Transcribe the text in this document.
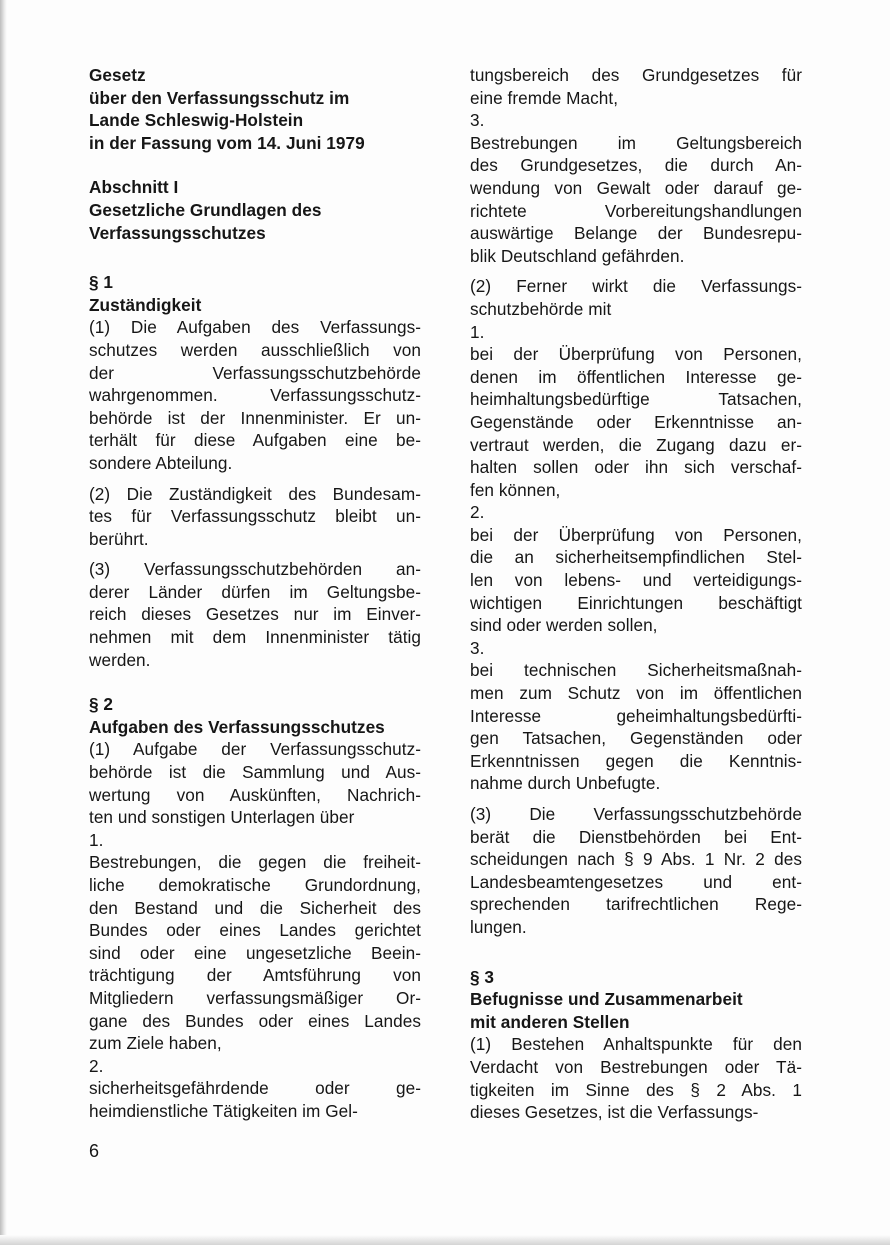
Gesetz
über den Verfassungsschutz im
Lande Schleswig-Holstein
in der Fassung vom 14. Juni 1979
Abschnitt I
Gesetzliche Grundlagen des
Verfassungsschutzes
§ 1
Zuständigkeit
(1) Die Aufgaben des Verfassungs-
schutzes werden ausschließlich von
der Verfassungsschutzbehörde
wahrgenommen. Verfassungsschutz-
behörde ist der Innenminister. Er un-
terhält für diese Aufgaben eine be-
sondere Abteilung.
(2) Die Zuständigkeit des Bundesam-
tes für Verfassungsschutz bleibt un-
berührt.
(3) Verfassungsschutzbehörden an-
derer Länder dürfen im Geltungsbe-
reich dieses Gesetzes nur im Einver-
nehmen mit dem Innenminister tätig
werden.
§ 2
Aufgaben des Verfassungsschutzes
(1) Aufgabe der Verfassungsschutz-
behörde ist die Sammlung und Aus-
wertung von Auskünften, Nachrich-
ten und sonstigen Unterlagen über
1.
Bestrebungen, die gegen die freiheit-
liche demokratische Grundordnung,
den Bestand und die Sicherheit des
Bundes oder eines Landes gerichtet
sind oder eine ungesetzliche Beein-
trächtigung der Amtsführung von
Mitgliedern verfassungsmäßiger Or-
gane des Bundes oder eines Landes
zum Ziele haben,
2.
sicherheitsgefährdende oder ge-
heimdienstliche Tätigkeiten im Gel-
tungsbereich des Grundgesetzes für
eine fremde Macht,
3.
Bestrebungen im Geltungsbereich
des Grundgesetzes, die durch An-
wendung von Gewalt oder darauf ge-
richtete Vorbereitungshandlungen
auswärtige Belange der Bundesrepu-
blik Deutschland gefährden.
(2) Ferner wirkt die Verfassungs-
schutzbehörde mit
1.
bei der Überprüfung von Personen,
denen im öffentlichen Interesse ge-
heimhaltungsbedürftige Tatsachen,
Gegenstände oder Erkenntnisse an-
vertraut werden, die Zugang dazu er-
halten sollen oder ihn sich verschaf-
fen können,
2.
bei der Überprüfung von Personen,
die an sicherheitsempfindlichen Stel-
len von lebens- und verteidigungs-
wichtigen Einrichtungen beschäftigt
sind oder werden sollen,
3.
bei technischen Sicherheitsmaßnah-
men zum Schutz von im öffentlichen
Interesse geheimhaltungsbedürfti-
gen Tatsachen, Gegenständen oder
Erkenntnissen gegen die Kenntnis-
nahme durch Unbefugte.
(3) Die Verfassungsschutzbehörde
berät die Dienstbehörden bei Ent-
scheidungen nach § 9 Abs. 1 Nr. 2 des
Landesbeamtengesetzes und ent-
sprechenden tarifrechtlichen Rege-
lungen.
§ 3
Befugnisse und Zusammenarbeit
mit anderen Stellen
(1) Bestehen Anhaltspunkte für den
Verdacht von Bestrebungen oder Tä-
tigkeiten im Sinne des § 2 Abs. 1
dieses Gesetzes, ist die Verfassungs-
6
